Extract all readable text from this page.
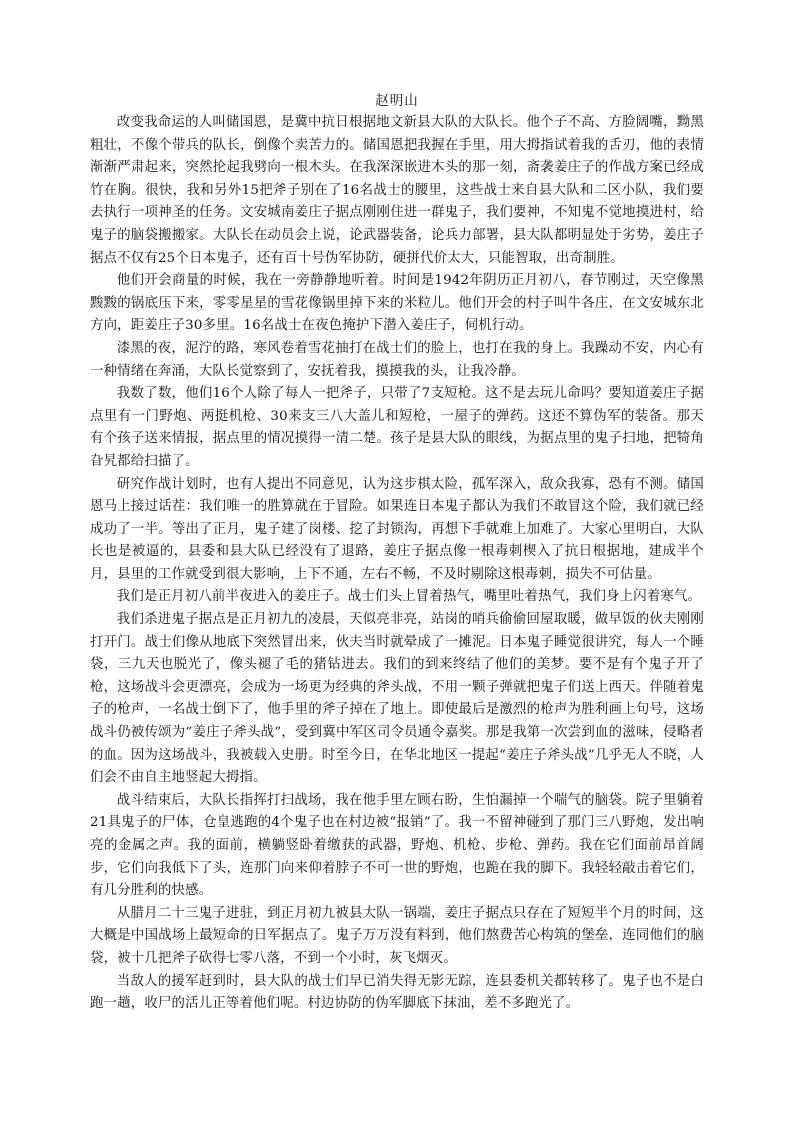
赵明山

改变我命运的人叫储国恩，是冀中抗日根据地文新县大队的大队长。他个子不高、方脸阔嘴，黝黑粗壮，不像个带兵的队长，倒像个卖苦力的。储国恩把我握在手里，用大拇指试着我的舌刃，他的表情渐渐严肃起来，突然抡起我劈向一根木头。在我深深嵌进木头的那一刻，斋袭姜庄子的作战方案已经成竹在胸。很快，我和另外15把斧子别在了16名战士的腰里，这些战士来自县大队和二区小队，我们要去执行一项神圣的任务。文安城南姜庄子据点刚刚住进一群鬼子，我们要神，不知鬼不觉地摸进村，给鬼子的脑袋搬搬家。大队长在动员会上说，论武器装备，论兵力部署，县大队都明显处于劣势，姜庄子据点不仅有25个日本鬼子，还有百十号伪军协防，硬拼代价太大，只能智取，出奇制胜。

他们开会商量的时候，我在一旁静静地听着。时间是1942年阴历正月初八，春节刚过，天空像黑黢黢的锅底压下来，零零星星的雪花像锅里掉下来的米粒儿。他们开会的村子叫牛各庄，在文安城东北方向，距姜庄子30多里。16名战士在夜色掩护下潜入姜庄子，伺机行动。

漆黑的夜，泥泞的路，寒风卷着雪花抽打在战士们的脸上，也打在我的身上。我躁动不安，内心有一种情绪在奔涌，大队长觉察到了，安抚着我，摸摸我的头，让我冷静。

我数了数，他们16个人除了每人一把斧子，只带了7支短枪。这不是去玩儿命吗？要知道姜庄子据点里有一门野炮、两挺机枪、30来支三八大盖儿和短枪，一屋子的弹药。这还不算伪军的装备。那天有个孩子送来情报，据点里的情况摸得一清二楚。孩子是县大队的眼线，为据点里的鬼子扫地，把犄角旮旯都给扫描了。

研究作战计划时，也有人提出不同意见，认为这步棋太险，孤军深入，敌众我寡，恐有不测。储国恩马上接过话茬：我们唯一的胜算就在于冒险。如果连日本鬼子都认为我们不敢冒这个险，我们就已经成功了一半。等出了正月，鬼子建了岗楼、挖了封锁沟，再想下手就难上加难了。大家心里明白，大队长也是被逼的，县委和县大队已经没有了退路，姜庄子据点像一根毒刺楔入了抗日根据地，建成半个月，县里的工作就受到很大影响，上下不通，左右不畅，不及时剔除这根毒刺，损失不可估量。

我们是正月初八前半夜进入的姜庄子。战士们头上冒着热气，嘴里吐着热气，我们身上闪着寒气。

我们杀进鬼子据点是正月初九的凌晨，天似亮非亮，站岗的哨兵偷偷回屋取暖，做早饭的伙夫刚刚打开门。战士们像从地底下突然冒出来，伙夫当时就晕成了一摊泥。日本鬼子睡觉很讲究，每人一个睡袋，三九天也脱光了，像头褪了毛的猪钻进去。我们的到来终结了他们的美梦。要不是有个鬼子开了枪，这场战斗会更漂亮，会成为一场更为经典的斧头战，不用一颗子弹就把鬼子们送上西天。伴随着鬼子的枪声，一名战士倒下了，他手里的斧子掉在了地上。即使最后是激烈的枪声为胜利画上句号，这场战斗仍被传颂为“姜庄子斧头战”，受到冀中军区司令员通令嘉奖。那是我第一次尝到血的滋味，侵略者的血。因为这场战斗，我被载入史册。时至今日，在华北地区一提起“姜庄子斧头战”几乎无人不晓，人们会不由自主地竖起大拇指。

战斗结束后，大队长指挥打扫战场，我在他手里左顾右盼，生怕漏掉一个喘气的脑袋。院子里躺着21具鬼子的尸体，仓皇逃跑的4个鬼子也在村边被“报销”了。我一不留神碰到了那门三八野炮，发出响亮的金属之声。我的面前，横躺竖卧着缴获的武器，野炮、机枪、步枪、弹药。我在它们面前昂首阔步，它们向我低下了头，连那门向来仰着脖子不可一世的野炮，也跪在我的脚下。我轻轻敲击着它们，有几分胜利的快感。

从腊月二十三鬼子进驻，到正月初九被县大队一锅端，姜庄子据点只存在了短短半个月的时间，这大概是中国战场上最短命的日军据点了。鬼子万万没有料到，他们熬费苦心构筑的堡垒，连同他们的脑袋，被十几把斧子砍得七零八落，不到一个小时，灰飞烟灭。

当敌人的援军赶到时，县大队的战士们早已消失得无影无踪，连县委机关都转移了。鬼子也不是白跑一趟，收尸的活儿正等着他们呢。村边协防的伪军脚底下抹油，差不多跑光了。
